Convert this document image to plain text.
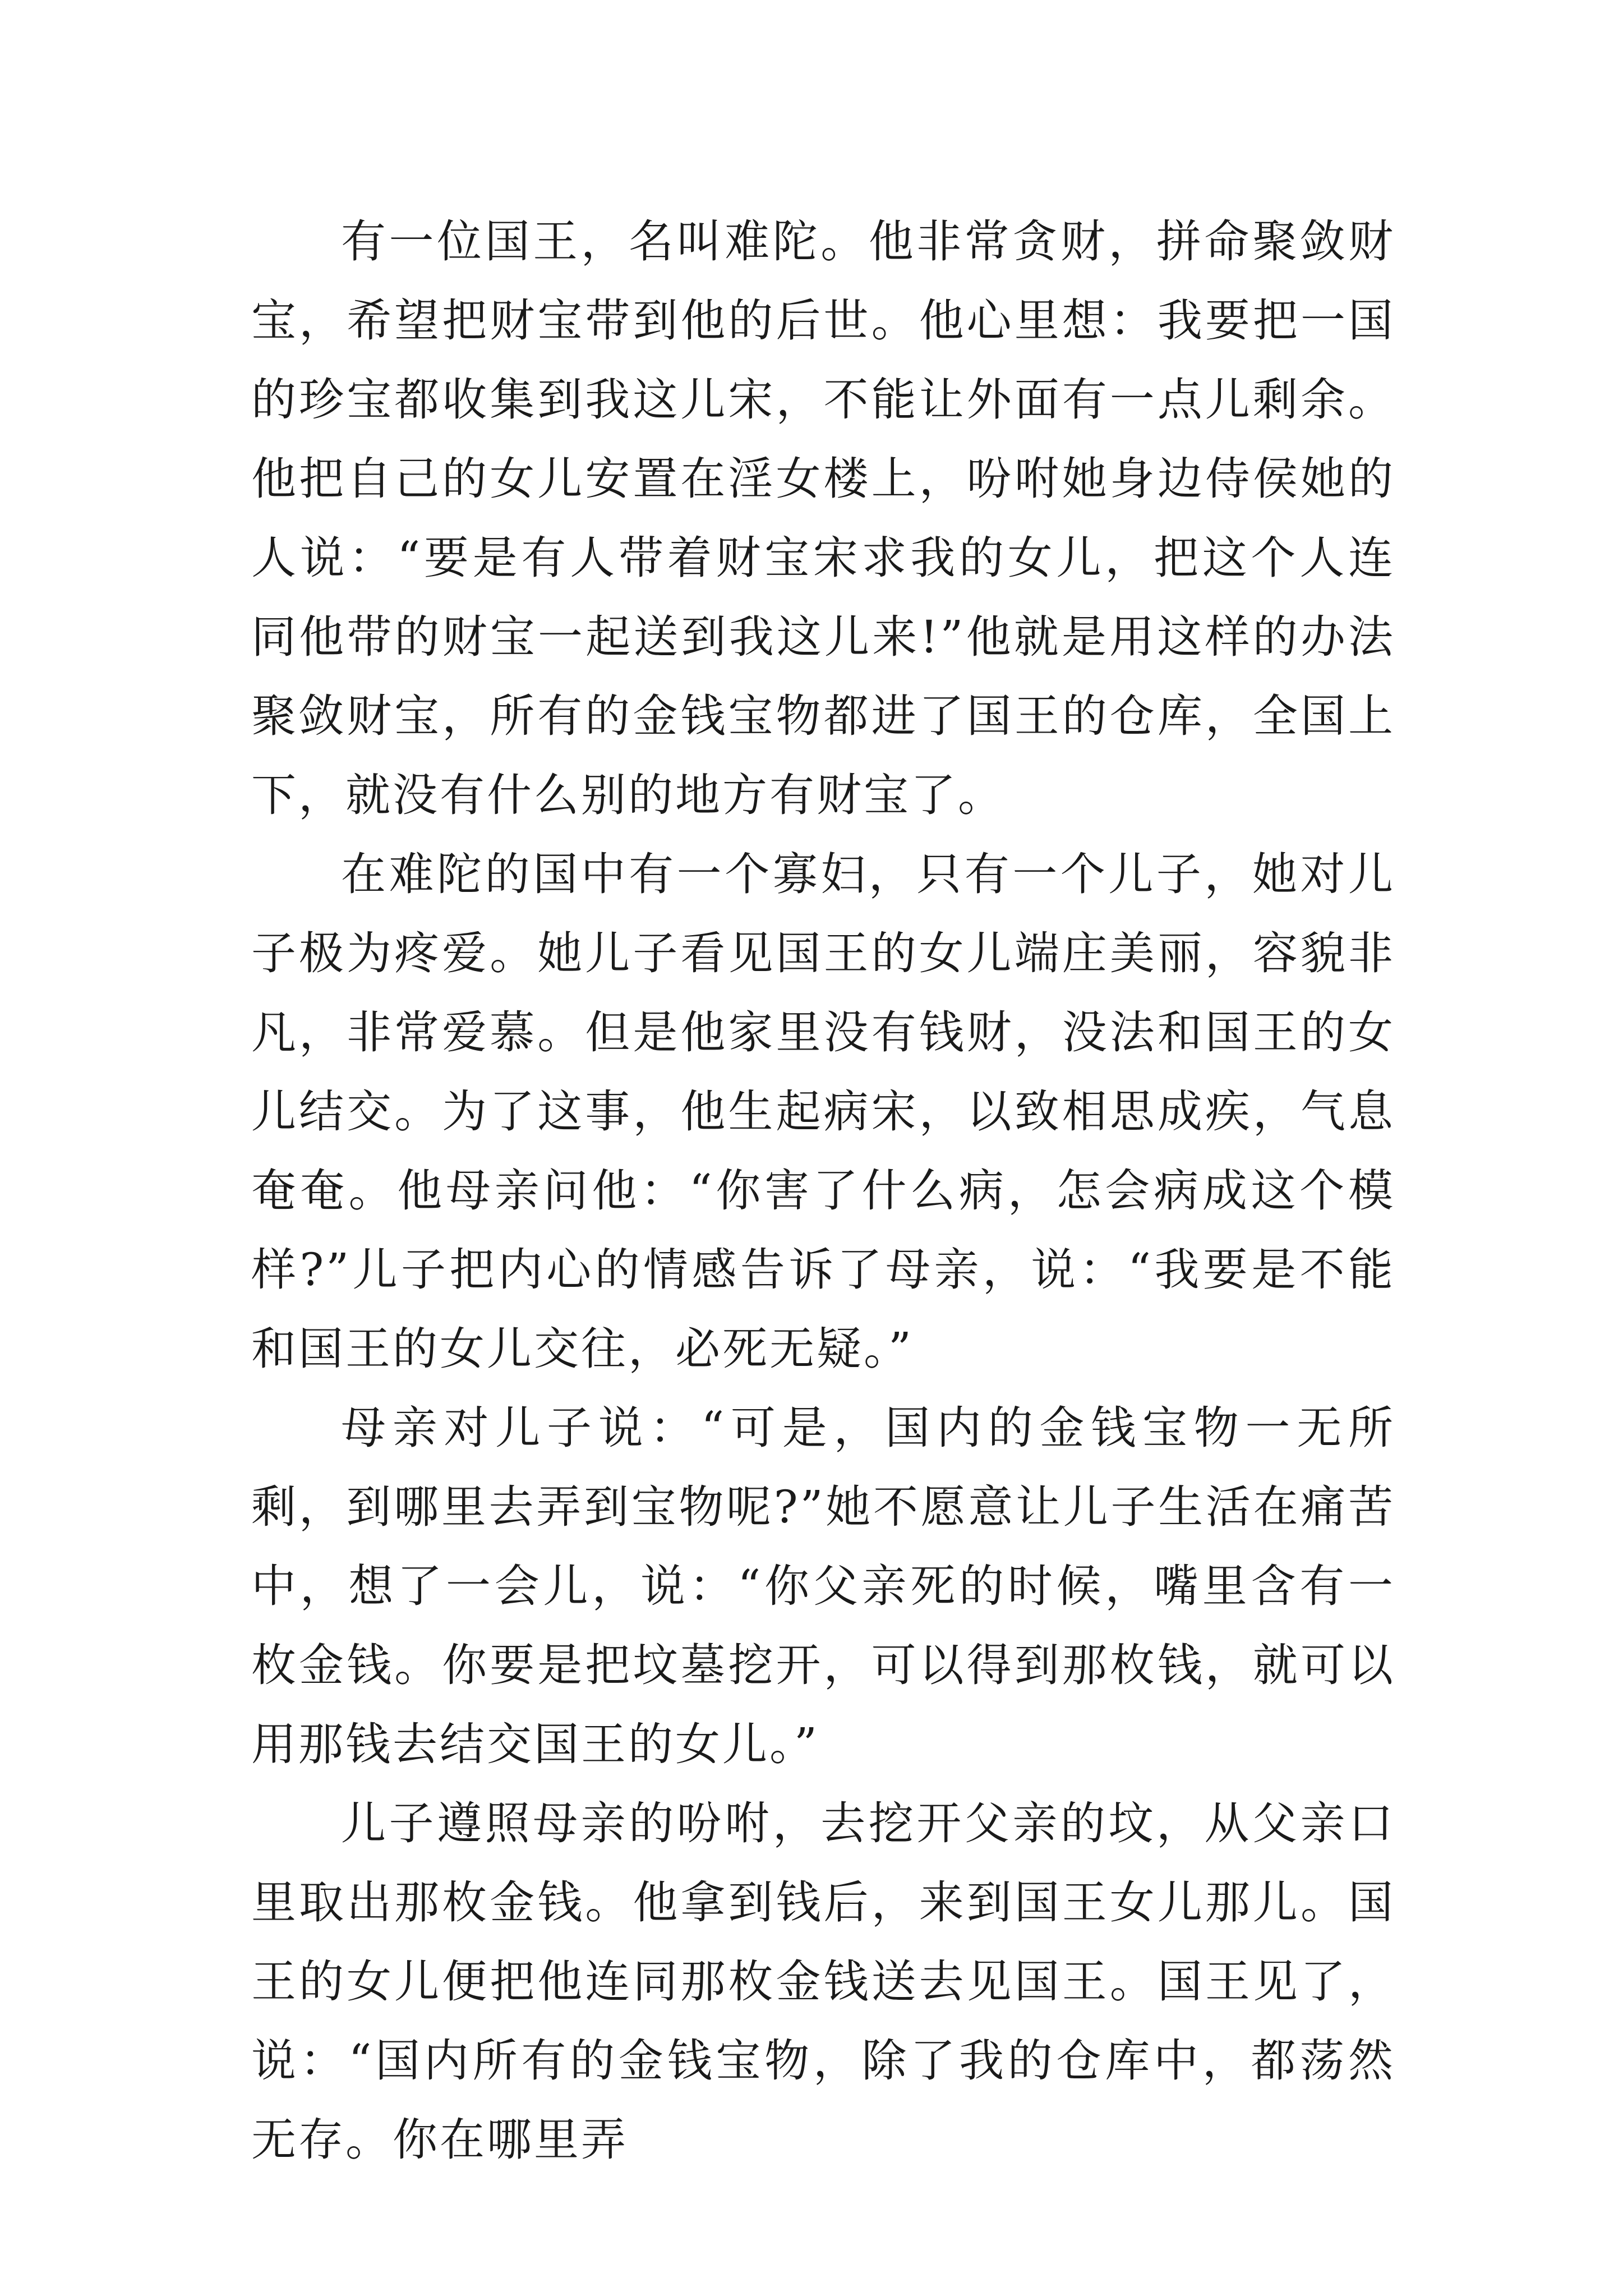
有一位国王，名叫难陀。他非常贪财，拼命聚敛财宝，希望把财宝带到他的后世。他心里想：我要把一国的珍宝都收集到我这儿宋，不能让外面有一点儿剩余。他把自己的女儿安置在淫女楼上，吩咐她身边侍侯她的人说：“要是有人带着财宝宋求我的女儿，把这个人连同他带的财宝一起送到我这儿来!”他就是用这样的办法聚敛财宝，所有的金钱宝物都进了国王的仓库，全国上下，就没有什么别的地方有财宝了。

在难陀的国中有一个寡妇，只有一个儿子，她对儿子极为疼爱。她儿子看见国王的女儿端庄美丽，容貌非凡，非常爱慕。但是他家里没有钱财，没法和国王的女儿结交。为了这事，他生起病宋，以致相思成疾，气息奄奄。他母亲问他：“你害了什么病，怎会病成这个模样?”儿子把内心的情感告诉了母亲，说：“我要是不能和国王的女儿交往，必死无疑。”

母亲对儿子说：“可是，国内的金钱宝物一无所剩，到哪里去弄到宝物呢?”她不愿意让儿子生活在痛苦中，想了一会儿，说：“你父亲死的时候，嘴里含有一枚金钱。你要是把坟墓挖开，可以得到那枚钱，就可以用那钱去结交国王的女儿。”

儿子遵照母亲的吩咐，去挖开父亲的坟，从父亲口里取出那枚金钱。他拿到钱后，来到国王女儿那儿。国王的女儿便把他连同那枚金钱送去见国王。国王见了，说：“国内所有的金钱宝物，除了我的仓库中，都荡然无存。你在哪里弄
